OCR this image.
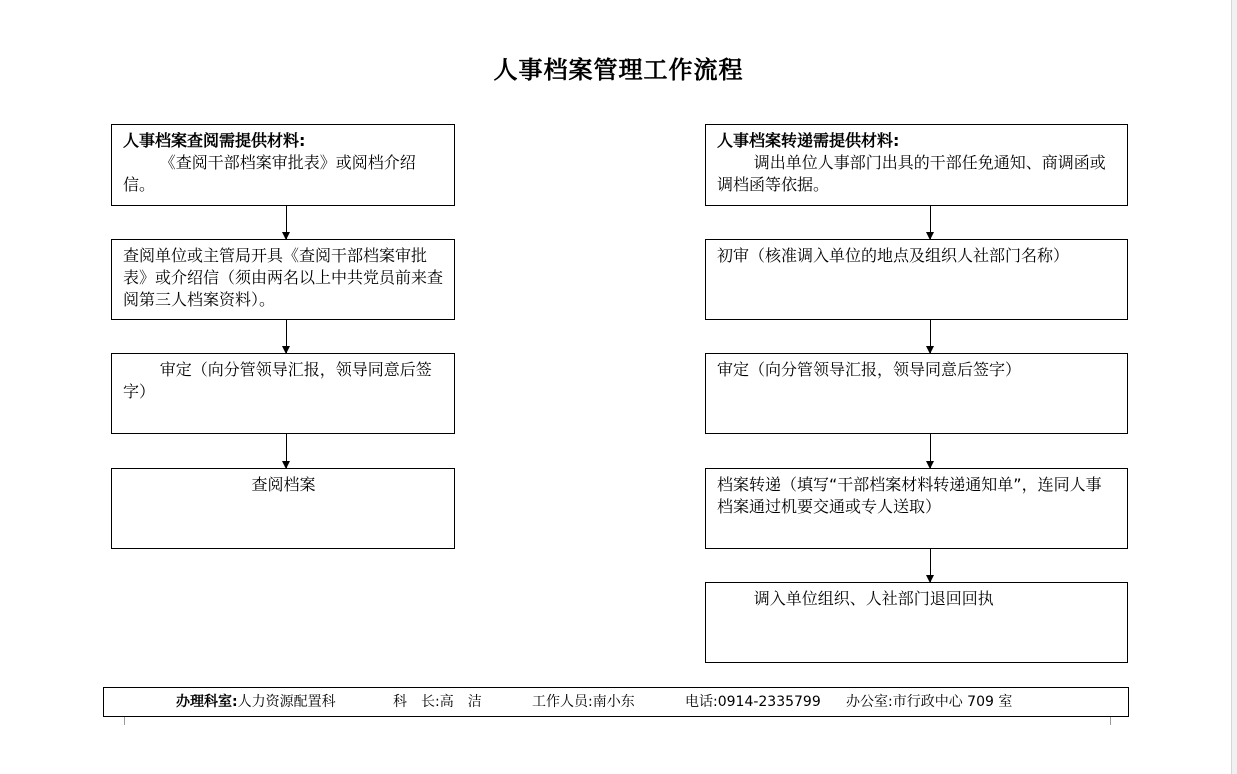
人事档案管理工作流程
人事档案查阅需提供材料:
《查阅干部档案审批表》或阅档介绍信。
查阅单位或主管局开具《查阅干部档案审批表》或介绍信（须由两名以上中共党员前来查阅第三人档案资料）。
审定（向分管领导汇报，领导同意后签字）
查阅档案
人事档案转递需提供材料:
调出单位人事部门出具的干部任免通知、商调函或调档函等依据。
初审（核准调入单位的地点及组织人社部门名称）
审定（向分管领导汇报，领导同意后签字）
档案转递（填写“干部档案材料转递通知单”，连同人事档案通过机要交通或专人送取）
调入单位组织、人社部门退回回执
办理科室:人力资源配置科	科　长:高　洁	工作人员:南小东	电话:0914-2335799 办公室:市行政中心 709 室
